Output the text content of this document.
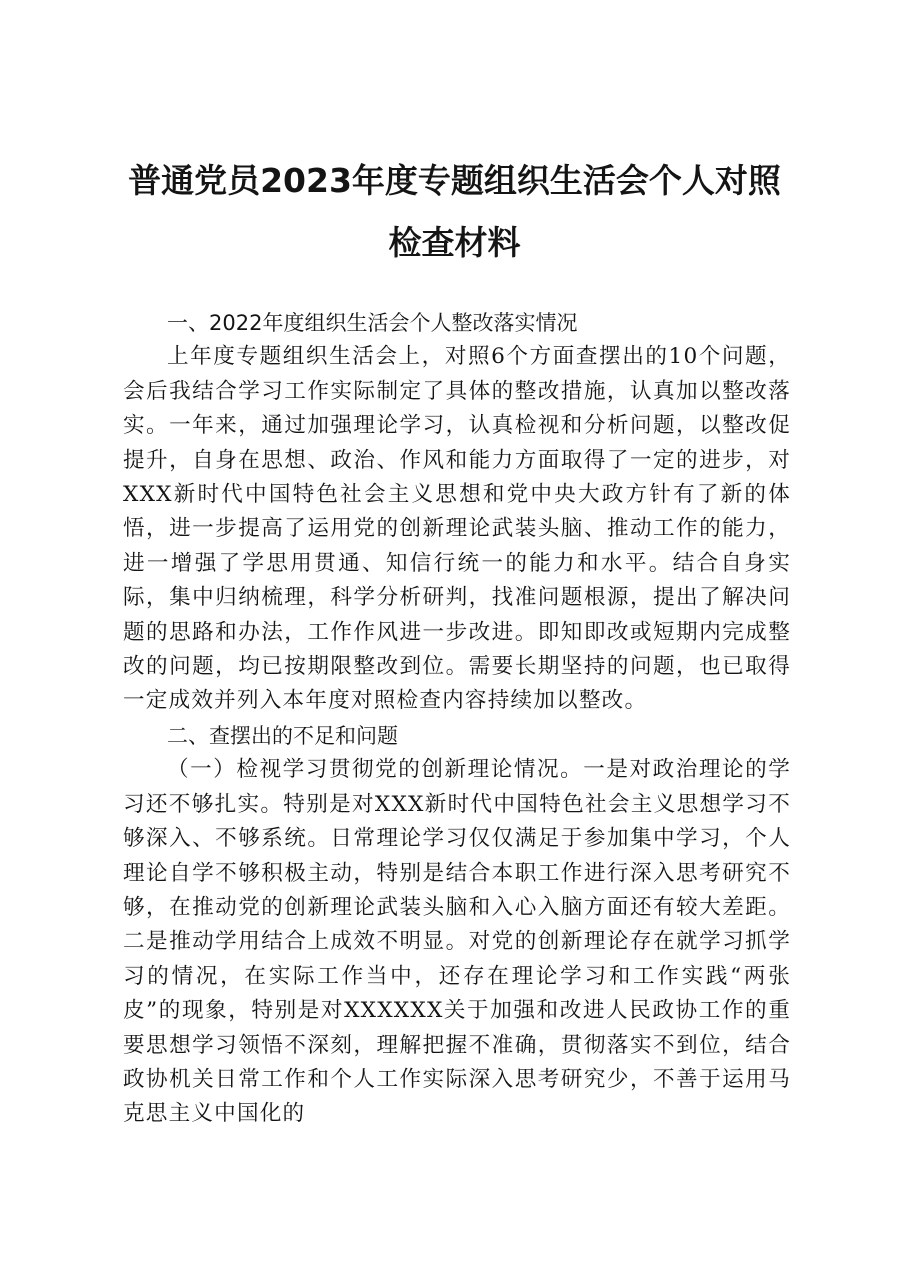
普通党员2023年度专题组织生活会个人对照
检查材料
一、2022年度组织生活会个人整改落实情况

上年度专题组织生活会上，对照6个方面查摆出的10个问题，会后我结合学习工作实际制定了具体的整改措施，认真加以整改落实。一年来，通过加强理论学习，认真检视和分析问题，以整改促提升，自身在思想、政治、作风和能力方面取得了一定的进步，对XXX新时代中国特色社会主义思想和党中央大政方针有了新的体悟，进一步提高了运用党的创新理论武装头脑、推动工作的能力，进一增强了学思用贯通、知信行统一的能力和水平。结合自身实际，集中归纳梳理，科学分析研判，找准问题根源，提出了解决问题的思路和办法，工作作风进一步改进。即知即改或短期内完成整改的问题，均已按期限整改到位。需要长期坚持的问题，也已取得一定成效并列入本年度对照检查内容持续加以整改。

二、查摆出的不足和问题

（一）检视学习贯彻党的创新理论情况。一是对政治理论的学习还不够扎实。特别是对XXX新时代中国特色社会主义思想学习不够深入、不够系统。日常理论学习仅仅满足于参加集中学习，个人理论自学不够积极主动，特别是结合本职工作进行深入思考研究不够，在推动党的创新理论武装头脑和入心入脑方面还有较大差距。二是推动学用结合上成效不明显。对党的创新理论存在就学习抓学习的情况，在实际工作当中，还存在理论学习和工作实践“两张皮”的现象，特别是对XXXXXX关于加强和改进人民政协工作的重要思想学习领悟不深刻，理解把握不准确，贯彻落实不到位，结合政协机关日常工作和个人工作实际深入思考研究少，不善于运用马克思主义中国化的
